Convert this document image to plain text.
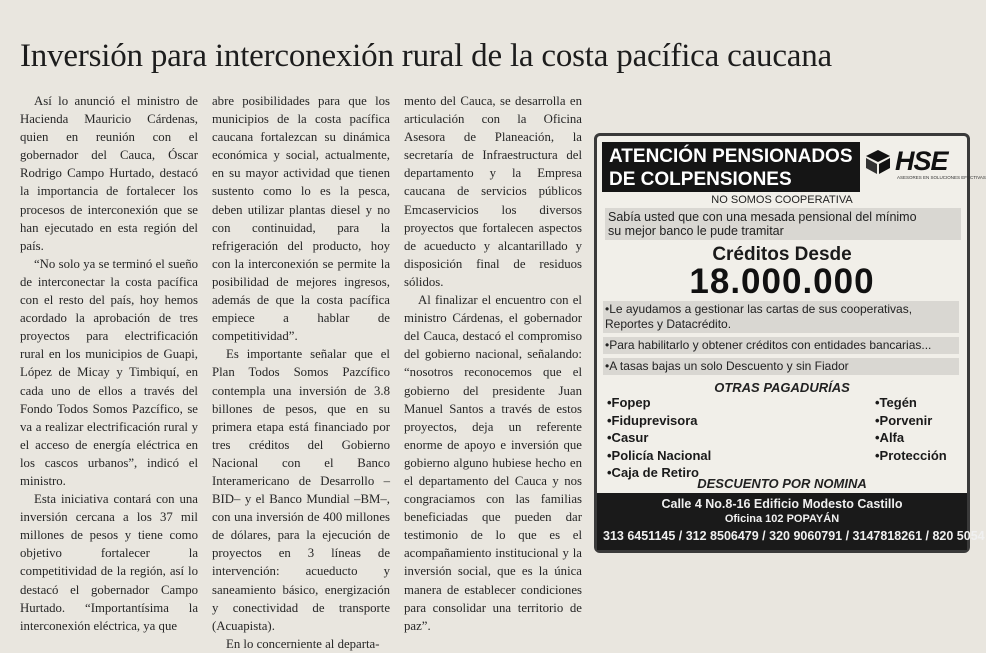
Inversión para interconexión rural de la costa pacífica caucana

Así lo anunció el ministro de Hacienda Mauricio Cárdenas, quien en reunión con el gobernador del Cauca, Óscar Rodrigo Campo Hurtado, destacó la importancia de fortalecer los procesos de interconexión que se han ejecutado en esta región del país.

“No solo ya se terminó el sueño de interconectar la costa pacífica con el resto del país, hoy hemos acordado la aprobación de tres proyectos para electrificación rural en los municipios de Guapi, López de Micay y Timbiquí, en cada uno de ellos a través del Fondo Todos Somos Pazcífico, se va a realizar electrificación rural y el acceso de energía eléctrica en los cascos urbanos”, indicó el ministro.

Esta iniciativa contará con una inversión cercana a los 37 mil millones de pesos y tiene como objetivo fortalecer la competitividad de la región, así lo destacó el gobernador Campo Hurtado. “Importantísima la interconexión eléctrica, ya que

abre posibilidades para que los municipios de la costa pacífica caucana fortalezcan su dinámica económica y social, actualmente, en su mayor actividad que tienen sustento como lo es la pesca, deben utilizar plantas diesel y no con continuidad, para la refrigeración del producto, hoy con la interconexión se permite la posibilidad de mejores ingresos, además de que la costa pacífica empiece a hablar de competitividad”.

Es importante señalar que el Plan Todos Somos Pazcífico contempla una inversión de 3.8 billones de pesos, que en su primera etapa está financiado por tres créditos del Gobierno Nacional con el Banco Interamericano de Desarrollo –BID– y el Banco Mundial –BM–, con una inversión de 400 millones de dólares, para la ejecución de proyectos en 3 líneas de intervención: acueducto y saneamiento básico, energización y conectividad de transporte (Acuapista).

En lo concerniente al departa-

mento del Cauca, se desarrolla en articulación con la Oficina Asesora de Planeación, la secretaría de Infraestructura del departamento y la Empresa caucana de servicios públicos Emcaservicios los diversos proyectos que fortalecen aspectos de acueducto y alcantarillado y disposición final de residuos sólidos.

Al finalizar el encuentro con el ministro Cárdenas, el gobernador del Cauca, destacó el compromiso del gobierno nacional, señalando: “nosotros reconocemos que el gobierno del presidente Juan Manuel Santos a través de estos proyectos, deja un referente enorme de apoyo e inversión que gobierno alguno hubiese hecho en el departamento del Cauca y nos congraciamos con las familias beneficiadas que pueden dar testimonio de lo que es el acompañamiento institucional y la inversión social, que es la única manera de establecer condiciones para consolidar una territorio de paz”.

ATENCIÓN PENSIONADOS
DE COLPENSIONES
HSE
ASESORES EN SOLUCIONES EFECTIVAS
NO SOMOS COOPERATIVA
Sabía usted que con una mesada pensional del mínimo
su mejor banco le pude tramitar
Créditos Desde
18.000.000
•Le ayudamos a gestionar las cartas de sus cooperativas, Reportes y Datacrédito.
•Para habilitarlo y obtener créditos con entidades bancarias...
•A tasas bajas un solo Descuento y sin Fiador
OTRAS PAGADURÍAS
•Fopep
•Fiduprevisora
•Casur
•Policía Nacional
•Caja de Retiro
•Tegén
•Porvenir
•Alfa
•Protección
DESCUENTO POR NOMINA
Calle 4 No.8-16 Edificio Modesto Castillo
Oficina 102 POPAYÁN
313 6451145 / 312 8506479 / 320 9060791 / 3147818261 / 820 5054
